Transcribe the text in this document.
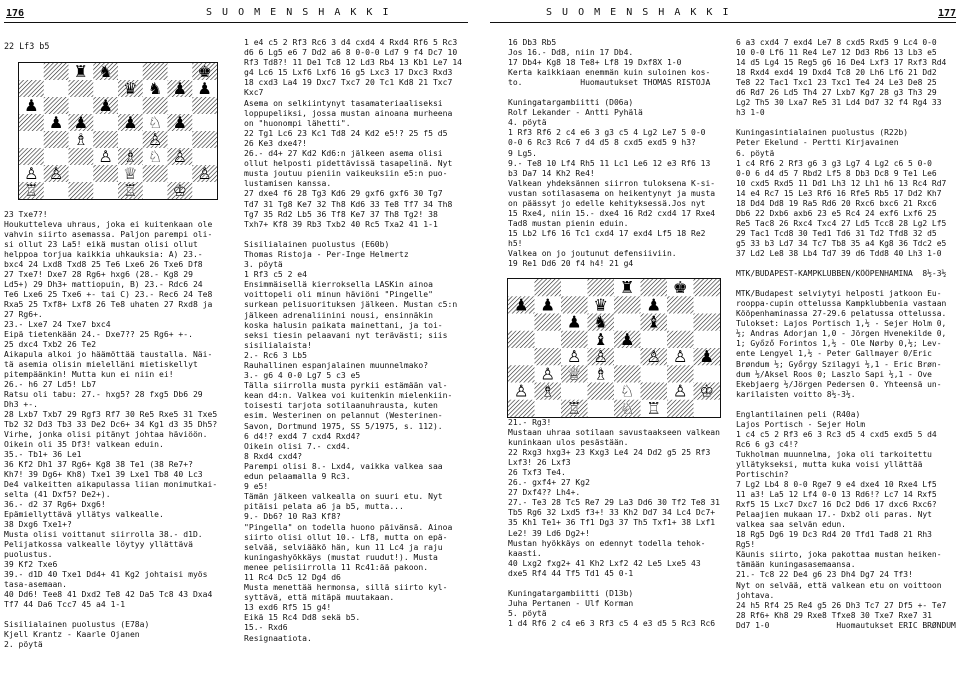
176	S U O M E N S H A K K I	S U O M E N S H A K K I	177

22 Lf3 b5

♜ ♞	♚
♛ ♞ ♟ ♟
♟	♟
♟ ♟ ♟ ♟
♘
♗	♙
♙ ♗ ♘ ♙
♙ ♙	♕	♙
♖	♖ ♔

23 Txe7?!

Houkutteleva uhraus, joka ei kuitenkaan ole

vahvin siirto asemassa. Paljon parempi oli-

si ollut 23 La5! eikä mustan olisi ollut

helppoa torjua kaikkia uhkauksia: A) 23.-

bxc4 24 Lxd8 Txd8 25 Te6 Lxe6 26 Txe6 Df8

27 Txe7! Dxe7 28 Rg6+ hxg6 (28.- Kg8 29

Ld5+) 29 Dh3+ mattiopuin, B) 23.- Rdc6 24

Te6 Lxe6 25 Txe6 +- tai C) 23.- Rec6 24 Te8

Rxa5 25 Txf8+ Lxf8 26 Te8 uhaten 27 Rxd8 ja

27 Rg6+.

23.- Lxe7 24 Txe7 bxc4

Eipä tietenkään 24.- Dxe7?? 25 Rg6+ +-.

25 dxc4 Txb2 26 Te2

Aikapula alkoi jo häämöttää taustalla. Näi-

tä asemia olisin mielelläni mietiskellyt

pitempäänkin! Mutta kun ei niin ei!

26.- h6 27 Ld5! Lb7

Ratsu oli tabu: 27.- hxg5? 28 fxg5 Db6 29

Dh3 +-.

28 Lxb7 Txb7 29 Rgf3 Rf7 30 Re5 Rxe5 31 Txe5

Tb2 32 Dd3 Tb3 33 De2 Dc6+ 34 Kg1 d3 35 Dh5?

Virhe, jonka olisi pitänyt johtaa häviöön.

Oikein oli 35 Df3! valkean eduin.

35.- Tb1+ 36 Le1

36 Kf2 Dh1 37 Rg6+ Kg8 38 Te1 (38 Re7+?

Kh7! 39 Dg6+ Kh8) Txe1 39 Lxe1 Tb8 40 Lc3

De4 valkeitten aikapulassa liian monimutkai-

selta (41 Dxf5? De2+).

36.- d2 37 Rg6+ Dxg6!

Epämiellyttävä yllätys valkealle.

38 Dxg6 Txe1+?

Musta olisi voittanut siirrolla 38.- d1D.

Pelijatkossa valkealle löytyy yllättävä

puolustus.

39 Kf2 Txe6

39.- d1D 40 Txe1 Dd4+ 41 Kg2 johtaisi myös

tasa-asemaan.

40 Dd6! Tee8 41 Dxd2 Te8 42 Da5 Tc8 43 Dxa4

Tf7 44 Da6 Tcc7 45 a4 1-1

Sisilialainen puolustus (E78a)

Kjell Krantz - Kaarle Ojanen

2. pöytä

1 e4 c5 2 Rf3 Rc6 3 d4 cxd4 4 Rxd4 Rf6 5 Rc3

d6 6 Lg5 e6 7 Dd2 a6 8 0-0-0 Ld7 9 f4 Dc7 10

Rf3 Td8?! 11 De1 Tc8 12 Ld3 Rb4 13 Kb1 Le7 14

g4 Lc6 15 Lxf6 Lxf6 16 g5 Lxc3 17 Dxc3 Rxd3

18 cxd3 La4 19 Dxc7 Txc7 20 Tc1 Kd8 21 Txc7

Kxc7

Asema on selkiintynyt tasamateriaaliseksi

loppupeliksi, jossa mustan ainoana murheena

on "huonompi lähetti".

22 Tg1 Lc6 23 Kc1 Td8 24 Kd2 e5!? 25 f5 d5

26 Ke3 dxe4?!

26.- d4+ 27 Kd2 Kd6:n jälkeen asema olisi

ollut helposti pidettävissä tasapelinä. Nyt

musta joutuu pieniin vaikeuksiin e5:n puo-

lustamisen kanssa.

27 dxe4 f6 28 Tg3 Kd6 29 gxf6 gxf6 30 Tg7

Td7 31 Tg8 Ke7 32 Th8 Kd6 33 Te8 Tf7 34 Th8

Tg7 35 Rd2 Lb5 36 Tf8 Ke7 37 Th8 Tg2! 38

Txh7+ Kf8 39 Rb3 Txb2 40 Rc5 Txa2 41 1-1

Sisilialainen puolustus (E60b)

Thomas Ristoja - Per-Inge Helmertz

3. pöytä

1 Rf3 c5 2 e4

Ensimmäisellä kierroksella LASKin ainoa

voittopeli oli minun häviöni "Pingelle"

surkean pelisuorituksen jälkeen. Mustan c5:n

jälkeen adrenaliinini nousi, ensinnäkin

koska halusin paikata mainettani, ja toi-

seksi tiesin pelaavani nyt terävästi; siis

sisilialaista!

2.- Rc6 3 Lb5

Rauhallinen espanjalainen muunnelmako?

3.- g6 4 0-0 Lg7 5 c3 e5

Tälla siirrolla musta pyrkii estämään val-

kean d4:n. Valkea voi kuitenkin mielenkiin-

toisesti tarjota sotilaanuhrausta, kuten

esim. Westerinen on pelannut (Westerinen-

Savon, Dortmund 1975, SS 5/1975, s. 112).

6 d4!? exd4 7 cxd4 Rxd4?

Oikein olisi 7.- cxd4.

8 Rxd4 cxd4?

Parempi olisi 8.- Lxd4, vaikka valkea saa

edun pelaamalla 9 Rc3.

9 e5!

Tämän jälkeen valkealla on suuri etu. Nyt

pitäisi pelata a6 ja b5, mutta...

9.- Db6? 10 Ra3 Kf8?

"Pingella" on todella huono päivänsä. Ainoa

siirto olisi ollut 10.- Lf8, mutta on epä-

selvää, selviääkö hän, kun 11 Lc4 ja raju

kuningashyökkäys (mustat ruudut!). Musta

menee pelisiirrolla 11 Rc41:ää pakoon.

11 Rc4 Dc5 12 Dg4 d6

Musta menettää hermonsa, sillä siirto kyl-

syttävä, että mitäpä muutakaan.

13 exd6 Rf5 15 g4!

Eikä 15 Rc4 Dd8 sekä b5.

15.- Rxd6

Resignaatiota.

16 Db3 Rb5

Jos 16.- Dd8, niin 17 Db4.

17 Db4+ Kg8 18 Te8+ Lf8 19 Dxf8X 1-0

Kerta kaikkiaan enemmän kuin suloinen kos-

to.            Huomautukset THOMAS RISTOJA

Kuningatargambiitti (D06a)

Rolf Lekander - Antti Pyhälä

4. pöytä

1 Rf3 Rf6 2 c4 e6 3 g3 c5 4 Lg2 Le7 5 0-0

0-0 6 Rc3 Rc6 7 d4 d5 8 cxd5 exd5 9 h3?

9 Lg5.

9.- Te8 10 Lf4 Rh5 11 Lc1 Le6 12 e3 Rf6 13

b3 Da7 14 Kh2 Re4!

Valkean yhdeksännen siirron tuloksena K-si-

vustan sotilasasema on heikentynyt ja musta

on päässyt jo edelle kehityksessä.Jos nyt

15 Rxe4, niin 15.- dxe4 16 Rd2 cxd4 17 Rxe4

Tad8 mustan pienin eduin.

15 Lb2 Lf6 16 Tc1 cxd4 17 exd4 Lf5 18 Re2

h5!

Valkea on jo joutunut defensiiviin.

19 Re1 Dd6 20 f4 h4! 21 g4

♜ ♚
♟ ♟ ♛ ♟
♟ ♞ ♝
♝ ♟
♙ ♙ ♙ ♙ ♟
♙ ♗
♕
♙ ♗	♘ ♙ ♔
♖ ♘ ♖

21.- Rg3!

Mustaan uhraa sotilaan savustaakseen valkean

kuninkaan ulos pesästään.

22 Rxg3 hxg3+ 23 Kxg3 Le4 24 Dd2 g5 25 Rf3

Lxf3! 26 Lxf3

26 Txf3 Te4.

26.- gxf4+ 27 Kg2

27 Dxf4?? Lh4+.

27.- Te3 28 Tc5 Re7 29 La3 Dd6 30 Tf2 Te8 31

Tb5 Rg6 32 Lxd5 f3+! 33 Kh2 Dd7 34 Lc4 Dc7+

35 Kh1 Te1+ 36 Tf1 Dg3 37 Th5 Txf1+ 38 Lxf1

Le2! 39 Ld6 Dg2+!

Mustan hyökkäys on edennyt todella tehok-

kaasti.

40 Lxg2 fxg2+ 41 Kh2 Lxf2 42 Le5 Lxe5 43

dxe5 Rf4 44 Tf5 Td1 45 0-1

Kuningatargambiitti (D13b)

Juha Pertanen - Ulf Korman

5. pöytä

1 d4 Rf6 2 c4 e6 3 Rf3 c5 4 e3 d5 5 Rc3 Rc6

6 a3 cxd4 7 exd4 Le7 8 cxd5 Rxd5 9 Lc4 0-0

10 0-0 Lf6 11 Re4 Le7 12 Dd3 Rb6 13 Lb3 e5

14 d5 Lg4 15 Reg5 g6 16 De4 Lxf3 17 Rxf3 Rd4

18 Rxd4 exd4 19 Dxd4 Tc8 20 Lh6 Lf6 21 Dd2

Te8 22 Tac1 Txc1 23 Txc1 Te4 24 Le3 De8 25

d6 Rd7 26 Ld5 Th4 27 Lxb7 Kg7 28 g3 Th3 29

Lg2 Th5 30 Lxa7 Re5 31 Ld4 Dd7 32 f4 Rg4 33

h3 1-0

Kuningasintialainen puolustus (R22b)

Peter Ekelund - Pertti Kirjavainen

6. pöytä

1 c4 Rf6 2 Rf3 g6 3 g3 Lg7 4 Lg2 c6 5 0-0

0-0 6 d4 d5 7 Rbd2 Lf5 8 Db3 Dc8 9 Te1 Le6

10 cxd5 Rxd5 11 Dd1 Lh3 12 Lh1 h6 13 Rc4 Rd7

14 e4 Rc7 15 Le3 Rf6 16 Rfe5 Rb5 17 Dd2 Kh7

18 Dd4 Dd8 19 Ra5 Rd6 20 Rxc6 bxc6 21 Rxc6

Db6 22 Dxb6 axb6 23 e5 Rc4 24 exf6 Lxf6 25

Re5 Tac8 26 Rxc4 Txc4 27 Ld5 Tcc8 28 Lg2 Lf5

29 Tac1 Tcd8 30 Ted1 Td6 31 Td2 Tfd8 32 d5

g5 33 b3 Ld7 34 Tc7 Tb8 35 a4 Kg8 36 Tdc2 e5

37 Ld2 Le8 38 Lb4 Td7 39 d6 Tdd8 40 Lh3 1-0

MTK/BUDAPEST-KAMPKLUBBEN/KÖÖPENHAMINA  8½-3½

MTK/Budapest selviytyi helposti jatkoon Eu-

rooppa-cupin ottelussa Kampklubbenia vastaan

Kööpenhaminassa 27-29.6 pelatussa ottelussa.

Tulokset: Lajos Portisch 1,½ - Sejer Holm 0,

½; Andras Adorjan 1,0 - Jörgen Hvenekilde 0,

1; Győző Forintos 1,½ - Ole Nørby 0,½; Lev-

ente Lengyel 1,½ - Peter Gallmayer 0/Eric

Brøndum ½; Győrgy Szilagyi ½,1 - Eric Brøn-

dum ½/Aksel Roos 0; Laszlo Sapi ½,1 - Ove

Ekebjaerg ½/Jörgen Pedersen 0. Yhteensä un-

karilaisten voitto 8½-3½.

Englantilainen peli (R40a)

Lajos Portisch - Sejer Holm

1 c4 c5 2 Rf3 e6 3 Rc3 d5 4 cxd5 exd5 5 d4

Rc6 6 g3 c4!?

Tukholman muunnelma, joka oli tarkoitettu

yllätykseksi, mutta kuka voisi yllättää

Portischin?

7 Lg2 Lb4 8 0-0 Rge7 9 e4 dxe4 10 Rxe4 Lf5

11 a3! La5 12 Lf4 0-0 13 Rd6!? Lc7 14 Rxf5

Rxf5 15 Lxc7 Dxc7 16 Dc2 Dd6 17 dxc6 Rxc6?

Pelaajien mukaan 17.- Dxb2 oli paras. Nyt

valkea saa selvän edun.

18 Rg5 Dg6 19 Dc3 Rd4 20 Tfd1 Tad8 21 Rh3

Rg5!

Käunis siirto, joka pakottaa mustan heiken-

tämään kuningasasemaansa.

21.- Tc8 22 De4 g6 23 Dh4 Dg7 24 Tf3!

Nyt on selvää, että valkean etu on voittoon

johtava.

24 h5 Rf4 25 Re4 g5 26 Dh3 Tc7 27 Df5 +- Te7

28 Rf6+ Kh8 29 Rxe8 Tfxe8 30 Txe7 Rxe7 31

Dd7 1-0              Huomautukset ERIC BRØNDUM
